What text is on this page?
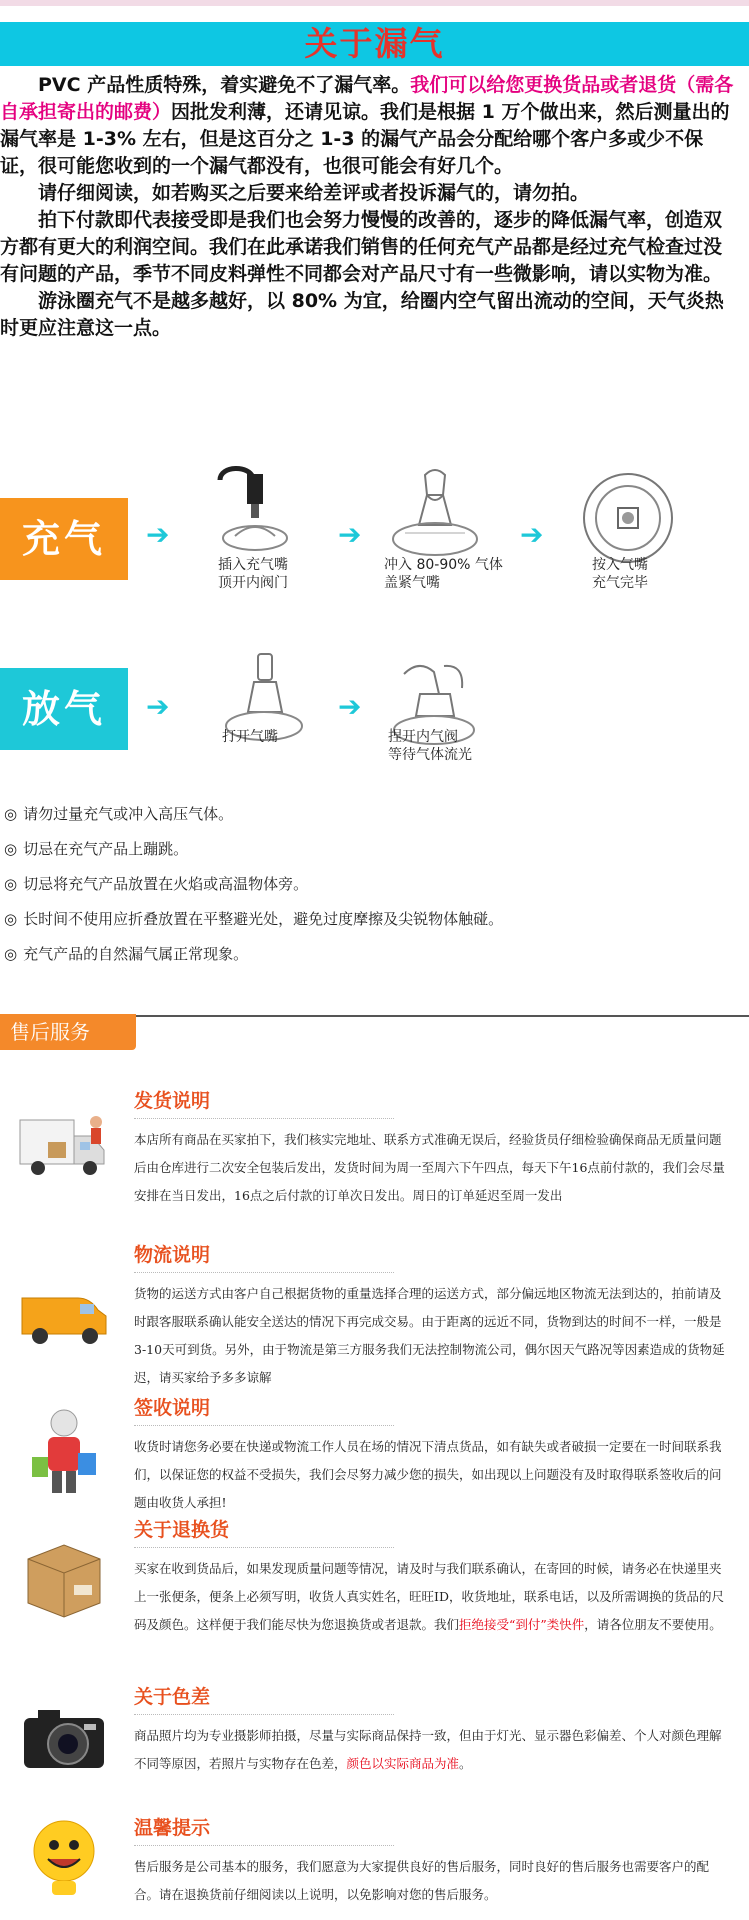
关于漏气

PVC 产品性质特殊，着实避免不了漏气率。我们可以给您更换货品或者退货（需各自承担寄出的邮费）因批发利薄，还请见谅。我们是根据 1 万个做出来，然后测量出的漏气率是 1-3% 左右，但是这百分之 1-3 的漏气产品会分配给哪个客户多或少不保证，很可能您收到的一个漏气都没有，也很可能会有好几个。

请仔细阅读，如若购买之后要来给差评或者投诉漏气的，请勿拍。

拍下付款即代表接受即是我们也会努力慢慢的改善的，逐步的降低漏气率，创造双方都有更大的利润空间。我们在此承诺我们销售的任何充气产品都是经过充气检查过没有问题的产品，季节不同皮料弹性不同都会对产品尺寸有一些微影响，请以实物为准。

游泳圈充气不是越多越好，以 80% 为宜，给圈内空气留出流动的空间，天气炎热时更应注意这一点。

充气	➔	➔	➔
插入充气嘴
顶开内阀门
冲入 80-90% 气体
盖紧气嘴
按入气嘴
充气完毕
放气	➔	➔
打开气嘴	捏开内气阀
等待气体流光
◎ 请勿过量充气或冲入高压气体。
◎ 切忌在充气产品上蹦跳。
◎ 切忌将充气产品放置在火焰或高温物体旁。
◎ 长时间不使用应折叠放置在平整避光处，避免过度摩擦及尖锐物体触碰。
◎ 充气产品的自然漏气属正常现象。
售后服务
发货说明
本店所有商品在买家拍下，我们核实完地址、联系方式准确无误后，经验货员仔细检验确保商品无质量问题后由仓库进行二次安全包装后发出，发货时间为周一至周六下午四点，每天下午16点前付款的，我们会尽量安排在当日发出，16点之后付款的订单次日发出。周日的订单延迟至周一发出
物流说明
货物的运送方式由客户自己根据货物的重量选择合理的运送方式，部分偏远地区物流无法到达的，拍前请及时跟客服联系确认能安全送达的情况下再完成交易。由于距离的远近不同，货物到达的时间不一样，一般是3-10天可到货。另外，由于物流是第三方服务我们无法控制物流公司，偶尔因天气路况等因素造成的货物延迟，请买家给予多多谅解
签收说明
收货时请您务必要在快递或物流工作人员在场的情况下清点货品，如有缺失或者破损一定要在一时间联系我们，以保证您的权益不受损失，我们会尽努力减少您的损失，如出现以上问题没有及时取得联系签收后的问题由收货人承担!
关于退换货
买家在收到货品后，如果发现质量问题等情况，请及时与我们联系确认，在寄回的时候，请务必在快递里夹上一张便条，便条上必须写明，收货人真实姓名，旺旺ID，收货地址，联系电话，以及所需调换的货品的尺码及颜色。这样便于我们能尽快为您退换货或者退款。我们拒绝接受“到付”类快件，请各位朋友不要使用。
关于色差
商品照片均为专业摄影师拍摄，尽量与实际商品保持一致，但由于灯光、显示器色彩偏差、个人对颜色理解不同等原因，若照片与实物存在色差，颜色以实际商品为准。
温馨提示
售后服务是公司基本的服务，我们愿意为大家提供良好的售后服务，同时良好的售后服务也需要客户的配合。请在退换货前仔细阅读以上说明，以免影响对您的售后服务。
